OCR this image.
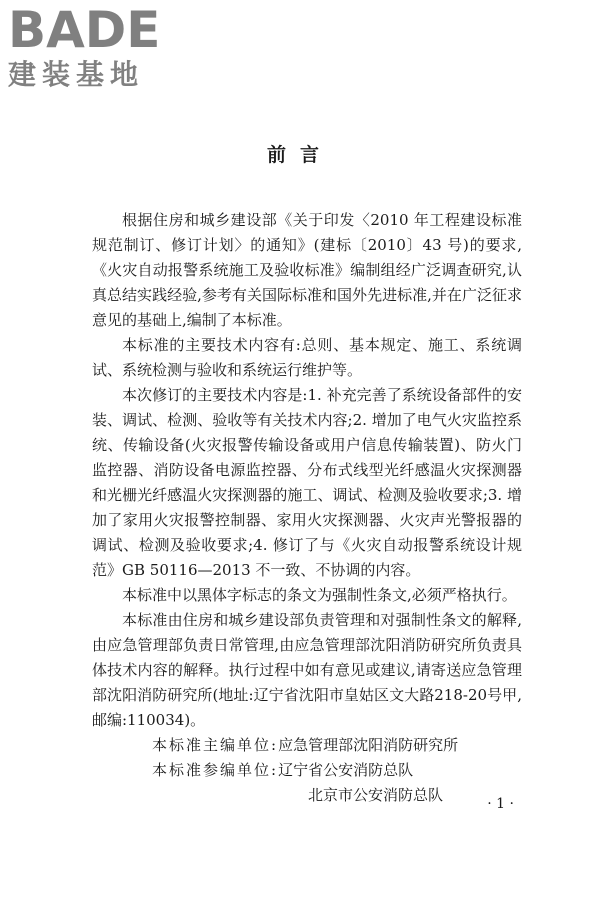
BADE
建装基地
前言

根据住房和城乡建设部《关于印发〈2010 年工程建设标准规范制订、修订计划〉的通知》(建标〔2010〕43 号)的要求,《火灾自动报警系统施工及验收标准》编制组经广泛调查研究,认真总结实践经验,参考有关国际标准和国外先进标准,并在广泛征求意见的基础上,编制了本标准。

本标准的主要技术内容有:总则、基本规定、施工、系统调试、系统检测与验收和系统运行维护等。

本次修订的主要技术内容是:1. 补充完善了系统设备部件的安装、调试、检测、验收等有关技术内容;2. 增加了电气火灾监控系统、传输设备(火灾报警传输设备或用户信息传输装置)、防火门监控器、消防设备电源监控器、分布式线型光纤感温火灾探测器和光栅光纤感温火灾探测器的施工、调试、检测及验收要求;3. 增加了家用火灾报警控制器、家用火灾探测器、火灾声光警报器的调试、检测及验收要求;4. 修订了与《火灾自动报警系统设计规范》GB 50116—2013 不一致、不协调的内容。

本标准中以黑体字标志的条文为强制性条文,必须严格执行。

本标准由住房和城乡建设部负责管理和对强制性条文的解释,由应急管理部负责日常管理,由应急管理部沈阳消防研究所负责具体技术内容的解释。执行过程中如有意见或建议,请寄送应急管理部沈阳消防研究所(地址:辽宁省沈阳市皇姑区文大路218-20号甲,邮编:110034)。

本标准主编单位:应急管理部沈阳消防研究所

本标准参编单位:辽宁省公安消防总队

北京市公安消防总队	· 1 ·
